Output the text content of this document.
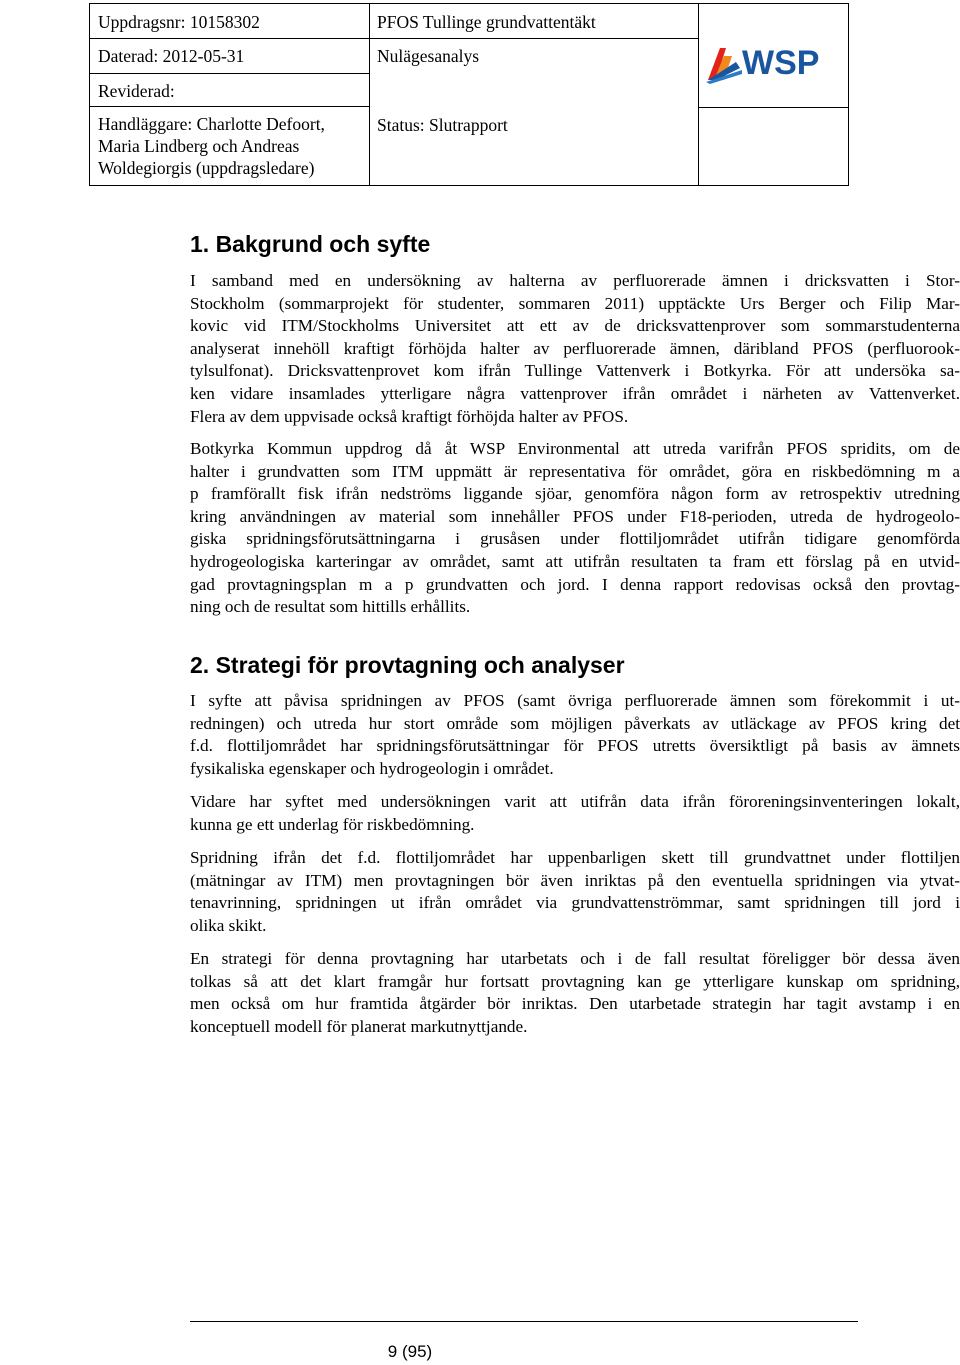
Uppdragsnr: 10158302
Daterad: 2012-05-31
Reviderad:
Handläggare: Charlotte Defoort,
Maria Lindberg och Andreas
Woldegiorgis (uppdragsledare)
PFOS Tullinge grundvattentäkt
Nulägesanalys
Status: Slutrapport
WSP
1. Bakgrund och syfte
I samband med en undersökning av halterna av perfluorerade ämnen i dricksvatten i Stor-
Stockholm (sommarprojekt för studenter, sommaren 2011) upptäckte Urs Berger och Filip Mar-
kovic vid ITM/Stockholms Universitet att ett av de dricksvattenprover som sommarstudenterna
analyserat innehöll kraftigt förhöjda halter av perfluorerade ämnen, däribland PFOS (perfluorook-
tylsulfonat). Dricksvattenprovet kom ifrån Tullinge Vattenverk i Botkyrka. För att undersöka sa-
ken vidare insamlades ytterligare några vattenprover ifrån området i närheten av Vattenverket.
Flera av dem uppvisade också kraftigt förhöjda halter av PFOS.
Botkyrka Kommun uppdrog då åt WSP Environmental att utreda varifrån PFOS spridits, om de
halter i grundvatten som ITM uppmätt är representativa för området, göra en riskbedömning m a
p framförallt fisk ifrån nedströms liggande sjöar, genomföra någon form av retrospektiv utredning
kring användningen av material som innehåller PFOS under F18-perioden, utreda de hydrogeolo-
giska spridningsförutsättningarna i grusåsen under flottiljområdet utifrån tidigare genomförda
hydrogeologiska karteringar av området, samt att utifrån resultaten ta fram ett förslag på en utvid-
gad provtagningsplan m a p grundvatten och jord. I denna rapport redovisas också den provtag-
ning och de resultat som hittills erhållits.
2. Strategi för provtagning och analyser
I syfte att påvisa spridningen av PFOS (samt övriga perfluorerade ämnen som förekommit i ut-
redningen) och utreda hur stort område som möjligen påverkats av utläckage av PFOS kring det
f.d. flottiljområdet har spridningsförutsättningar för PFOS utretts översiktligt på basis av ämnets
fysikaliska egenskaper och hydrogeologin i området.
Vidare har syftet med undersökningen varit att utifrån data ifrån föroreningsinventeringen lokalt,
kunna ge ett underlag för riskbedömning.
Spridning ifrån det f.d. flottiljområdet har uppenbarligen skett till grundvattnet under flottiljen
(mätningar av ITM) men provtagningen bör även inriktas på den eventuella spridningen via ytvat-
tenavrinning, spridningen ut ifrån området via grundvattenströmmar, samt spridningen till jord i
olika skikt.
En strategi för denna provtagning har utarbetats och i de fall resultat föreligger bör dessa även
tolkas så att det klart framgår hur fortsatt provtagning kan ge ytterligare kunskap om spridning,
men också om hur framtida åtgärder bör inriktas. Den utarbetade strategin har tagit avstamp i en
konceptuell modell för planerat markutnyttjande.
9 (95)
